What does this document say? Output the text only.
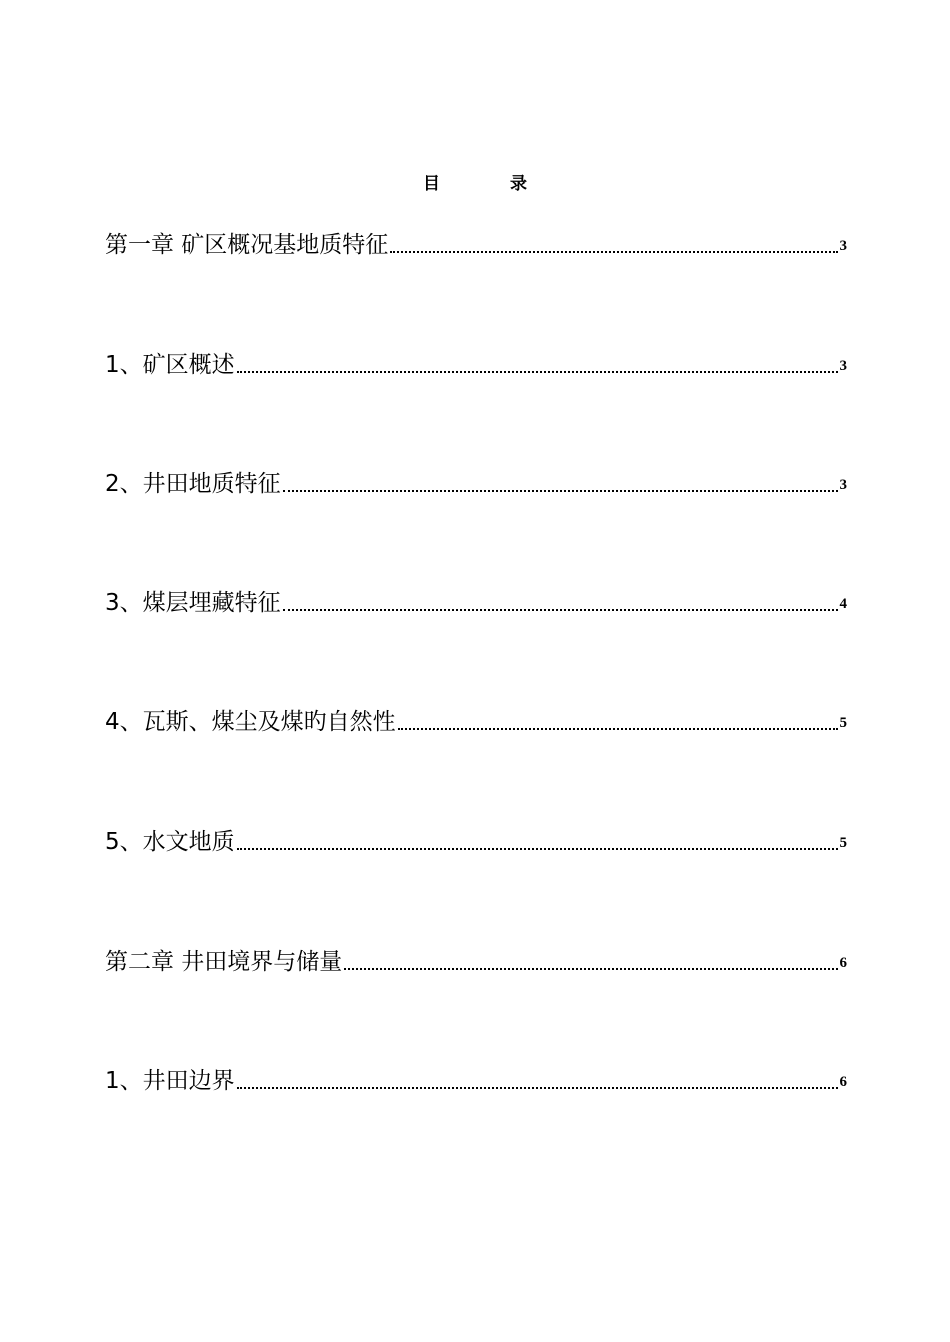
目	录
第一章 矿区概况基地质特征	3
1、矿区概述	3
2、井田地质特征	3
3、煤层埋藏特征	4
4、瓦斯、煤尘及煤旳自然性	5
5、水文地质	5
第二章 井田境界与储量	6
1、井田边界	6
